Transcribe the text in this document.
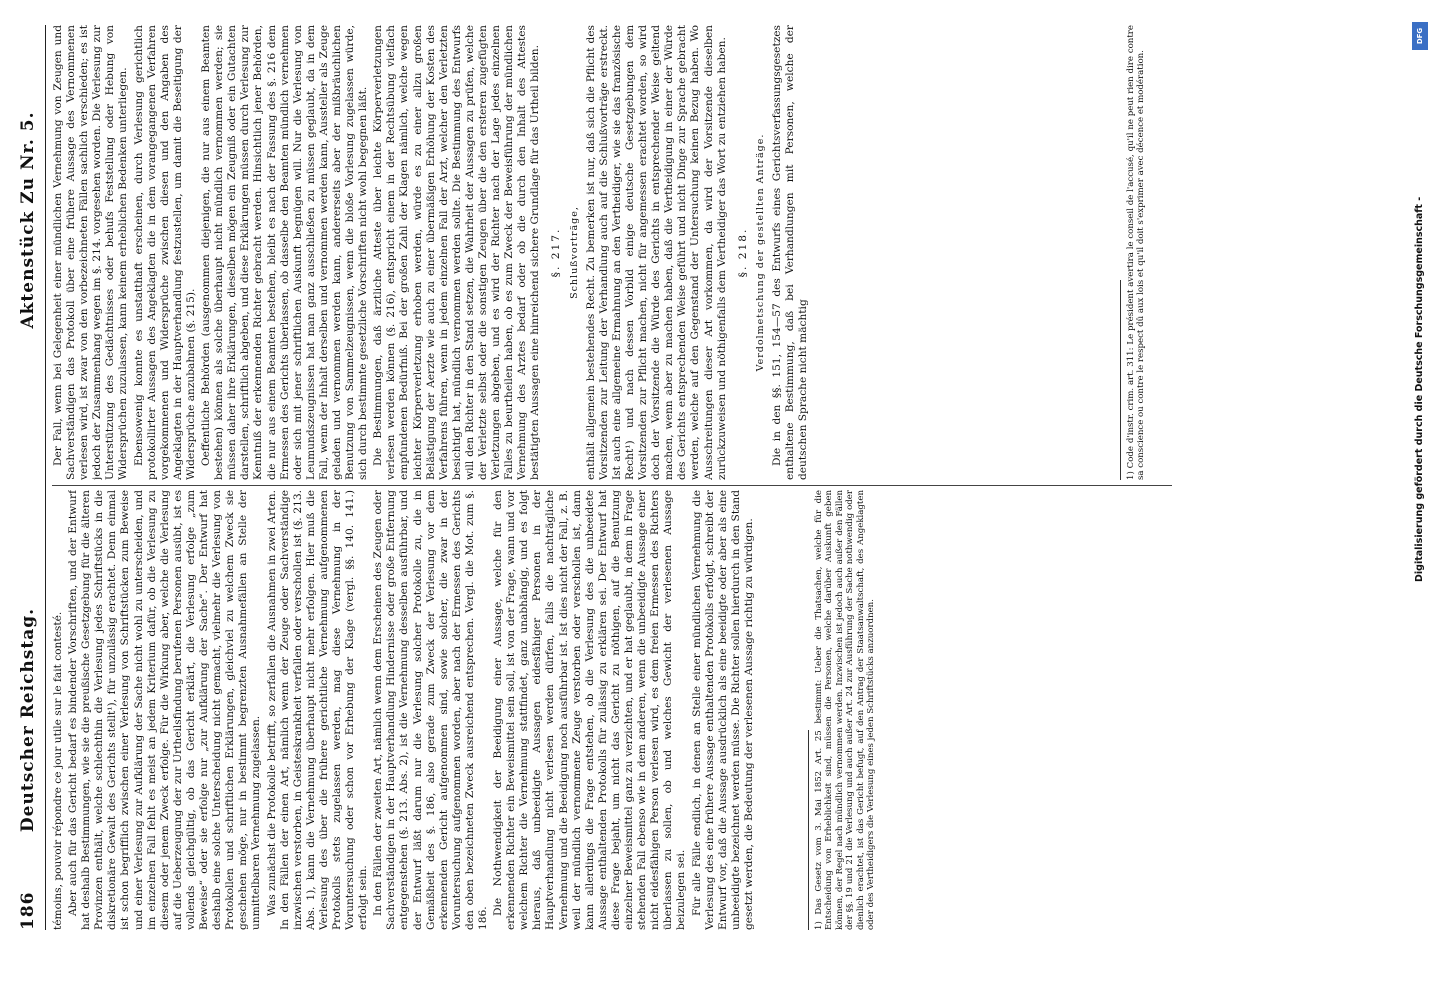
186
Deutscher Reichstag.
Aktenstück Zu Nr. 5.

témoins, pouvoir répondre ce jour utile sur le fait contesté. Aber auch für das Gericht bedarf es bindender Vorschriften, und der Entwurf hat deshalb Bestimmungen, wie sie die preußische Gesetzgebung für die älteren Provinzen enthält, welche schlechthin die Verlesung jedes Schriftstücks in die diskretionäre Gewalt des Gerichts stellt¹), für unzulässig erachtet. Denn einmal ist schon begrifflich zwischen einer Verlesung von Schriftstücken zum Beweise und einer Verlesung zur Aufklärung der Sache nicht wohl zu unterscheiden, und im einzelnen Fall fehlt es meist an jedem Kriterium dafür, ob die Verlesung zu diesem oder jenem Zweck erfolge. Für die Wirkung aber, welche die Verlesung auf die Ueberzeugung der zur Urtheilsfindung berufenen Personen ausübt, ist es vollends gleichgültig, ob das Gericht erklärt, die Verlesung erfolge „zum Beweise“ oder sie erfolge nur „zur Aufklärung der Sache“. Der Entwurf hat deshalb eine solche Unterscheidung nicht gemacht, vielmehr die Verlesung von Protokollen und schriftlichen Erklärungen, gleichviel zu welchem Zweck sie geschehen möge, nur in bestimmt begrenzten Ausnahmefällen an Stelle der unmittelbaren Vernehmung zugelassen. Was zunächst die Protokolle betrifft, so zerfallen die Ausnahmen in zwei Arten. In den Fällen der einen Art, nämlich wenn der Zeuge oder Sachverständige inzwischen verstorben, in Geisteskrankheit verfallen oder verschollen ist (§. 213. Abs. 1), kann die Vernehmung überhaupt nicht mehr erfolgen. Hier muß die Verlesung des über die frühere gerichtliche Vernehmung aufgenommenen Protokolls stets zugelassen werden, mag diese Vernehmung in der Voruntersuchung oder schon vor Erhebung der Klage (vergl. §§. 140. 141.) erfolgt sein. In den Fällen der zweiten Art, nämlich wenn dem Erscheinen des Zeugen oder Sachverständigen in der Hauptverhandlung Hindernisse oder große Entfernung entgegenstehen (§. 213. Abs. 2), ist die Vernehmung desselben ausführbar, und der Entwurf läßt darum nur die Verlesung solcher Protokolle zu, die in Gemäßheit des §. 186, also gerade zum Zweck der Verlesung vor dem erkennenden Gericht aufgenommen sind, sowie solcher, die zwar in der Voruntersuchung aufgenommen worden, aber nach der Ermessen des Gerichts den oben bezeichneten Zweck ausreichend entsprechen. Vergl. die Mot. zum §. 186.

Die Nothwendigkeit der Beeidigung einer Aussage, welche für den erkennenden Richter ein Beweismittel sein soll, ist von der Frage, wann und vor welchem Richter die Vernehmung stattfindet, ganz unabhängig, und es folgt hieraus, daß unbeeidigte Aussagen eidesfähiger Personen in der Hauptverhandlung nicht verlesen werden dürfen, falls die nachträgliche Vernehmung und die Beeidigung noch ausführbar ist. Ist dies nicht der Fall, z. B. weil der mündlich vernommene Zeuge verstorben oder verschollen ist, dann kann allerdings die Frage entstehen, ob die Verlesung des die unbeeidete Aussage enthaltenden Protokolls für zulässig zu erklären sei. Der Entwurf hat diese Frage bejaht, um nicht das Gericht zu nöthigen, auf die Benutzung einzelner Beweismittel ganz zu verzichten, und er hat geglaubt, in dem in Frage stehenden Fall ebenso wie in dem anderen, wenn die unbeeidigte Aussage einer nicht eidesfähigen Person verlesen wird, es dem freien Ermessen des Richters überlassen zu sollen, ob und welches Gewicht der verlesenen Aussage beizulegen sei. Für alle Fälle endlich, in denen an Stelle einer mündlichen Vernehmung die Verlesung des eine frühere Aussage enthaltenden Protokolls erfolgt, schreibt der Entwurf vor, daß die Aussage ausdrücklich als eine beeidigte oder aber als eine unbeeidigte bezeichnet werden müsse. Die Richter sollen hierdurch in den Stand gesetzt werden, die Bedeutung der verlesenen Aussage richtig zu würdigen.	1) Das Gesetz vom 3. Mai 1852 Art. 25 bestimmt: Ueber die Thatsachen, welche für die Entscheidung von Erheblichkeit sind, müssen die Personen, welche darüber Auskunft geben können, der Regel nach mündlich vernommen werden. Inzwischen ist jedoch auch außer den Fällen der §§. 19 und 21 die Verlesung und auch außer Art. 24 zur Ausführung der Sache nothwendig oder dienlich erachtet, ist das Gericht befugt, auf den Antrag der Staatsanwaltschaft, des Angeklagten oder des Vertheidigers die Verlesung eines jeden Schriftstücks anzuordnen.

Der Fall, wenn bei Gelegenheit einer mündlichen Vernehmung von Zeugen und Sachverständigen das Protokoll über eine frühere Aussage des Vernommenen verlesen wird, ist zwar von den vorbezeichneten Fällen sachlich verschieden; es ist jedoch der Zusammenhang wegen im §. 214. vorgesehen worden. Die Verlesung zur Unterstützung des Gedächtnisses oder behufs Feststellung oder Hebung von Widersprüchen zuzulassen, kann keinem erheblichen Bedenken unterliegen. Ebensowenig konnte es unstatthaft erscheinen, durch Verlesung gerichtlich protokollirter Aussagen des Angeklagten die in dem vorangegangenen Verfahren vorgekommenen und Widersprüche zwischen diesen und den Angaben des Angeklagten in der Hauptverhandlung festzustellen, um damit die Beseitigung der Widersprüche anzubahnen (§. 215). Oeffentliche Behörden (ausgenommen diejenigen, die nur aus einem Beamten bestehen) können als solche überhaupt nicht mündlich vernommen werden; sie müssen daher ihre Erklärungen, dieselben mögen ein Zeugniß oder ein Gutachten darstellen, schriftlich abgeben, und diese Erklärungen müssen durch Verlesung zur Kenntniß der erkennenden Richter gebracht werden. Hinsichtlich jener Behörden, die nur aus einem Beamten bestehen, bleibt es nach der Fassung des §. 216 dem Ermessen des Gerichts überlassen, ob dasselbe den Beamten mündlich vernehmen oder sich mit jener schriftlichen Auskunft begnügen will. Nur die Verlesung von Leumundszeugnissen hat man ganz ausschließen zu müssen geglaubt, da in dem Fall, wenn der Inhalt derselben und vernommen werden kann, Aussteller als Zeuge geladen und vernommen werden kann, andererseits aber der mißbräuchlichen Benutzung von Sammelzeugnissen, wenn die bloße Vorlesung zugelassen würde, sich durch bestimmte gesetzliche Vorschriften nicht wohl begegnen läßt. Die Bestimmungen, daß ärztliche Atteste über leichte Körperverletzungen verlesen werden können (§. 216), entspricht einem in der Rechtsübung vielfach empfundenen Bedürfniß. Bei der großen Zahl der Klagen nämlich, welche wegen leichter Körperverletzung erhoben werden, würde es zu einer allzu großen Belästigung der Aerzte wie auch zu einer übermäßigen Erhöhung der Kosten des Verfahrens führen, wenn in jedem einzelnen Fall der Arzt, welcher den Verletzten besichtigt hat, mündlich vernommen werden sollte. Die Bestimmung des Entwurfs will den Richter in den Stand setzen, die Wahrheit der Aussagen zu prüfen, welche der Verletzte selbst oder die sonstigen Zeugen über die den ersteren zugefügten Verletzungen abgeben, und es wird der Richter nach der Lage jedes einzelnen Falles zu beurtheilen haben, ob es zum Zweck der Beweisführung der mündlichen Vernehmung des Arztes bedarf oder ob die durch den Inhalt des Attestes bestätigten Aussagen eine hinreichend sichere Grundlage für das Urtheil bilden. §. 217. Schlußvorträge, enthält allgemein bestehendes Recht. Zu bemerken ist nur, daß sich die Pflicht des Vorsitzenden zur Leitung der Verhandlung auch auf die Schlußvorträge erstreckt. Ist auch eine allgemeine Ermahnung an den Vertheidiger, wie sie das französische Recht¹) und nach dessen Vorbild einige deutsche Gesetzgebungen dem Vorsitzenden zur Pflicht machen, nicht für angemessen erachtet worden, so wird doch der Vorsitzende die Würde des Gerichts in entsprechender Weise geltend machen, wenn aber zu machen haben, daß die Vertheidigung in einer der Würde des Gerichts entsprechenden Weise geführt und nicht Dinge zur Sprache gebracht werden, welche auf den Gegenstand der Untersuchung keinen Bezug haben. Wo Ausschreitungen dieser Art vorkommen, da wird der Vorsitzende dieselben zurückzuweisen und nöthigenfalls dem Vertheidiger das Wort zu entziehen haben. §. 218. Verdolmetschung der gestellten Anträge. Die in den §§. 151, 154—57 des Entwurfs eines Gerichtsverfassungsgesetzes enthaltene Bestimmung, daß bei Verhandlungen mit Personen, welche der deutschen Sprache nicht mächtig	1) Code d'instr. crim. art. 311: Le président avertira le conseil de l'accusé, qu'il ne peut rien dire contre sa conscience ou contre le respect dû aux lois et qu'il doit s'exprimer avec décence et modération.	Digitalisierung gefördert durch die Deutsche Forschungsgemeinschaft -
DFG
